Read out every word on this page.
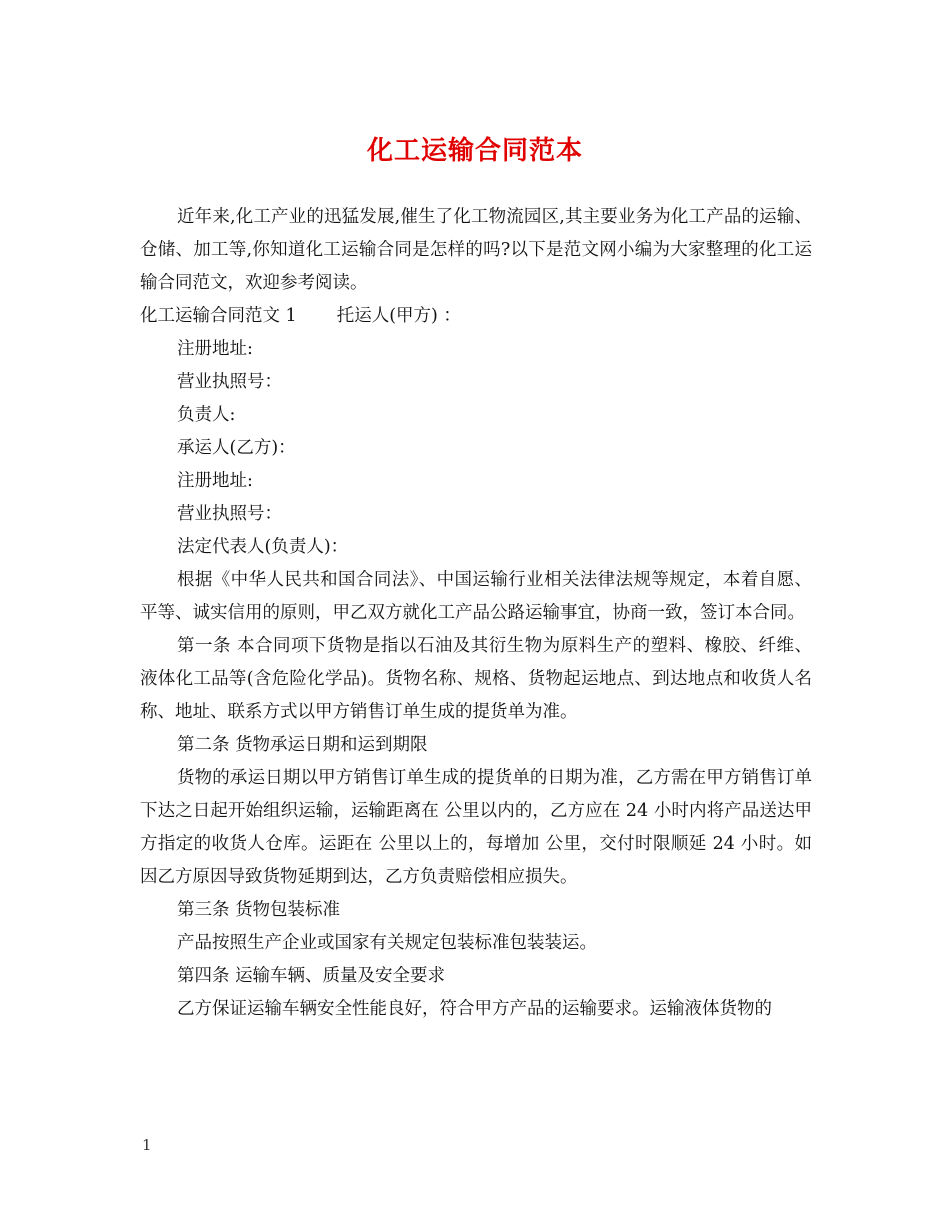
化工运输合同范本

近年来,化工产业的迅猛发展,催生了化工物流园区,其主要业务为化工产品的运输、仓储、加工等,你知道化工运输合同是怎样的吗?以下是范文网小编为大家整理的化工运输合同范文，欢迎参考阅读。

化工运输合同范文 1 托运人(甲方) ：

注册地址:

营业执照号：

负责人:

承运人(乙方)：

注册地址:

营业执照号：

法定代表人(负责人)：

根据《中华人民共和国合同法》、中国运输行业相关法律法规等规定，本着自愿、平等、诚实信用的原则，甲乙双方就化工产品公路运输事宜，协商一致，签订本合同。

第一条 本合同项下货物是指以石油及其衍生物为原料生产的塑料、橡胶、纤维、液体化工品等(含危险化学品)。货物名称、规格、货物起运地点、到达地点和收货人名称、地址、联系方式以甲方销售订单生成的提货单为准。

第二条 货物承运日期和运到期限

货物的承运日期以甲方销售订单生成的提货单的日期为准，乙方需在甲方销售订单下达之日起开始组织运输，运输距离在 公里以内的，乙方应在 24 小时内将产品送达甲方指定的收货人仓库。运距在 公里以上的，每增加 公里，交付时限顺延 24 小时。如因乙方原因导致货物延期到达，乙方负责赔偿相应损失。

第三条 货物包装标准

产品按照生产企业或国家有关规定包装标准包装装运。

第四条 运输车辆、质量及安全要求

乙方保证运输车辆安全性能良好，符合甲方产品的运输要求。运输液体货物的

1
